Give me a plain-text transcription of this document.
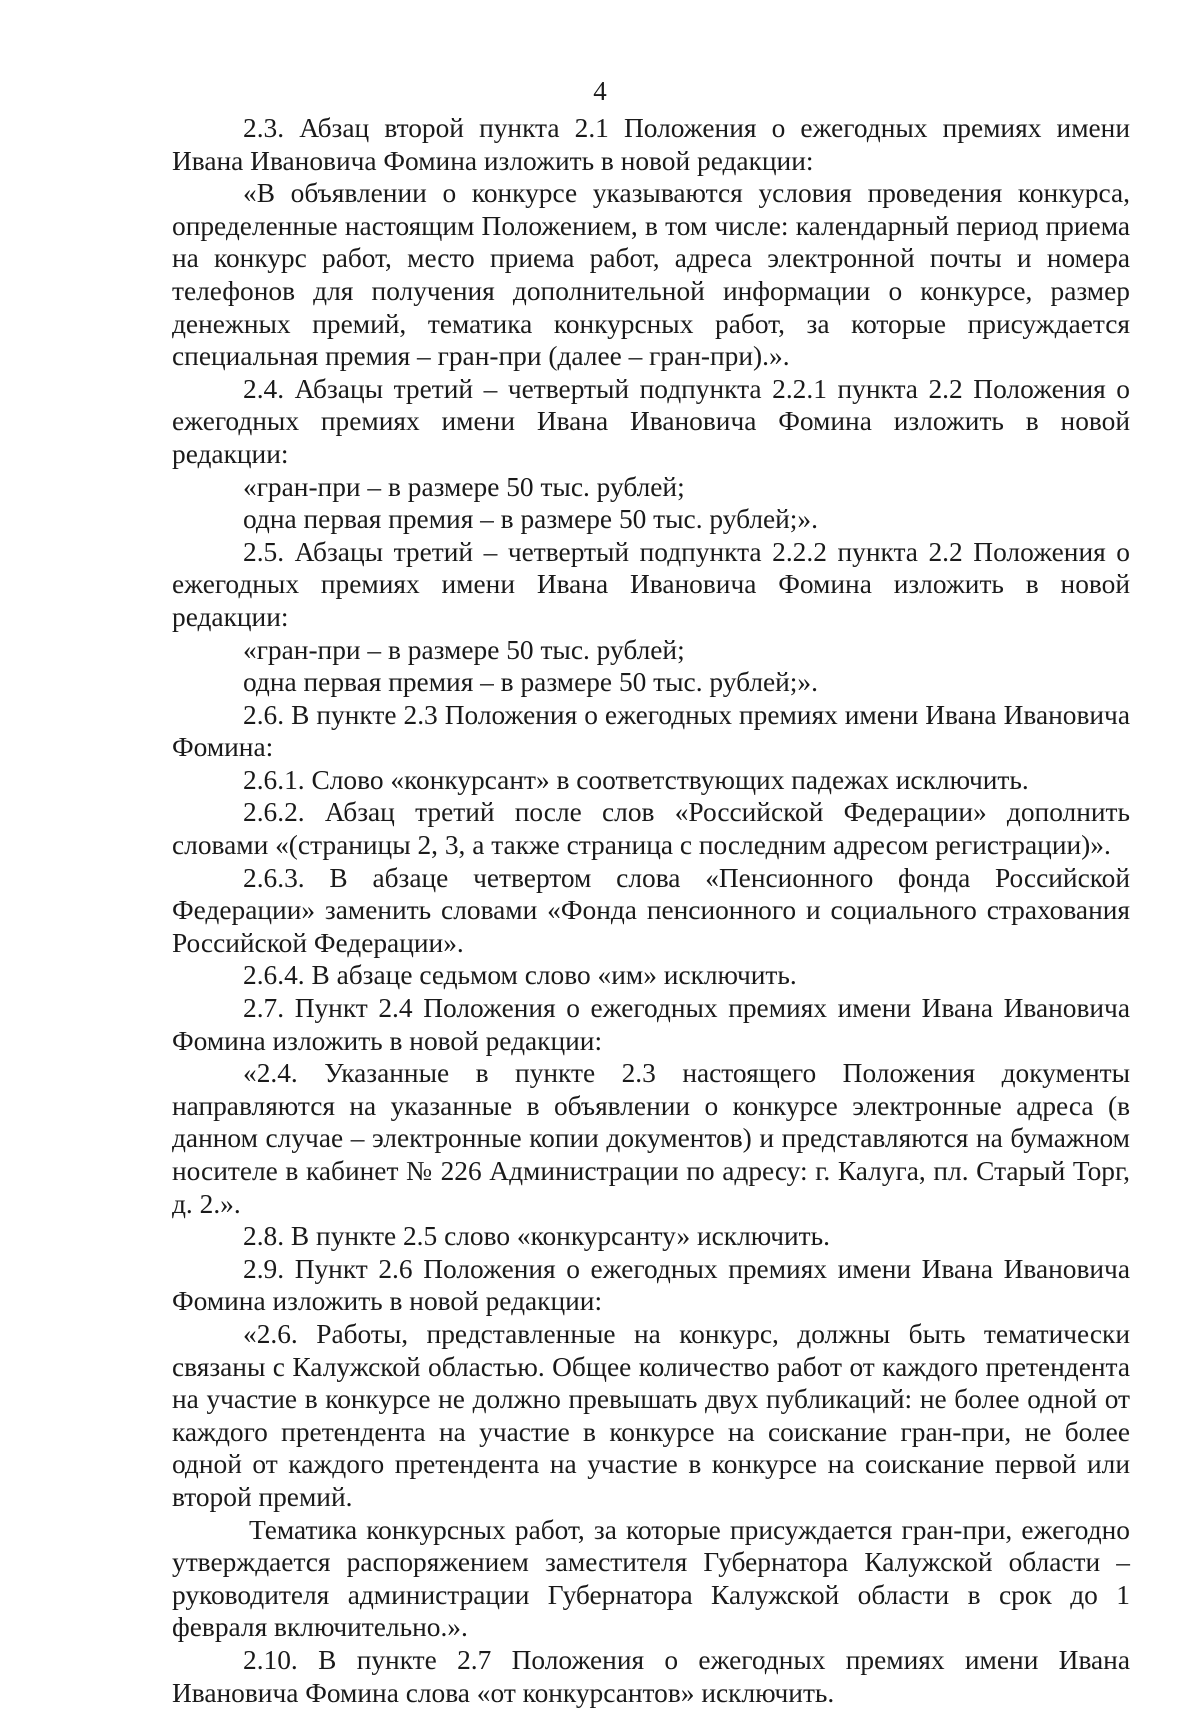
4

2.3. Абзац второй пункта 2.1 Положения о ежегодных премиях имени Ивана Ивановича Фомина изложить в новой редакции:

«В объявлении о конкурсе указываются условия проведения конкурса, определенные настоящим Положением, в том числе: календарный период приема на конкурс работ, место приема работ, адреса электронной почты и номера телефонов для получения дополнительной информации о конкурсе, размер денежных премий, тематика конкурсных работ, за которые присуждается специальная премия – гран-при (далее – гран-при).».

2.4. Абзацы третий – четвертый подпункта 2.2.1 пункта 2.2 Положения о ежегодных премиях имени Ивана Ивановича Фомина изложить в новой редакции:

«гран-при – в размере 50 тыс. рублей;

одна первая премия – в размере 50 тыс. рублей;».

2.5. Абзацы третий – четвертый подпункта 2.2.2 пункта 2.2 Положения о ежегодных премиях имени Ивана Ивановича Фомина изложить в новой редакции:

«гран-при – в размере 50 тыс. рублей;

одна первая премия – в размере 50 тыс. рублей;».

2.6. В пункте 2.3 Положения о ежегодных премиях имени Ивана Ивановича Фомина:

2.6.1. Слово «конкурсант» в соответствующих падежах исключить.

2.6.2. Абзац третий после слов «Российской Федерации» дополнить словами «(страницы 2, 3, а также страница с последним адресом регистрации)».

2.6.3. В абзаце четвертом слова «Пенсионного фонда Российской Федерации» заменить словами «Фонда пенсионного и социального страхования Российской Федерации».

2.6.4. В абзаце седьмом слово «им» исключить.

2.7. Пункт 2.4 Положения о ежегодных премиях имени Ивана Ивановича Фомина изложить в новой редакции:

«2.4. Указанные в пункте 2.3 настоящего Положения документы направляются на указанные в объявлении о конкурсе электронные адреса (в данном случае – электронные копии документов) и представляются на бумажном носителе в кабинет № 226 Администрации по адресу: г. Калуга, пл. Старый Торг, д. 2.».

2.8. В пункте 2.5 слово «конкурсанту» исключить.

2.9. Пункт 2.6 Положения о ежегодных премиях имени Ивана Ивановича Фомина изложить в новой редакции:

«2.6. Работы, представленные на конкурс, должны быть тематически связаны с Калужской областью. Общее количество работ от каждого претендента на участие в конкурсе не должно превышать двух публикаций: не более одной от каждого претендента на участие в конкурсе на соискание гран-при, не более одной от каждого претендента на участие в конкурсе на соискание первой или второй премий.

Тематика конкурсных работ, за которые присуждается гран-при, ежегодно утверждается распоряжением заместителя Губернатора Калужской области – руководителя администрации Губернатора Калужской области в срок до 1 февраля включительно.».

2.10. В пункте 2.7 Положения о ежегодных премиях имени Ивана Ивановича Фомина слова «от конкурсантов» исключить.
